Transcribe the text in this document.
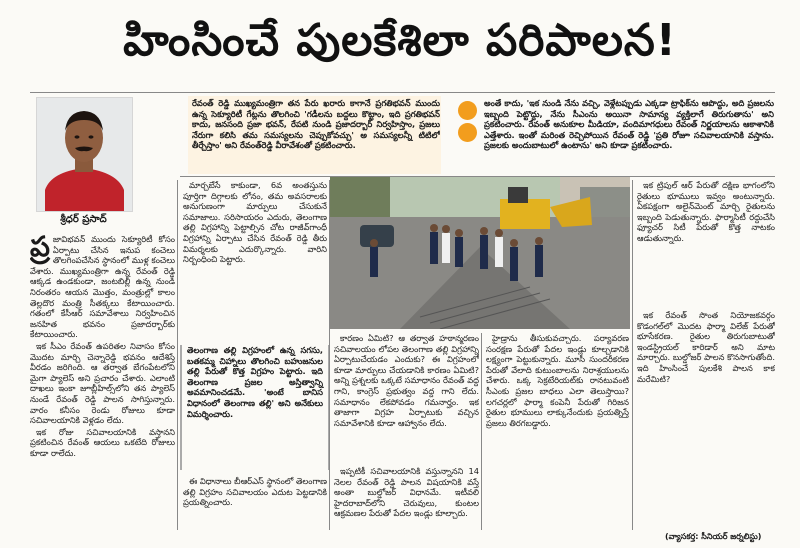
హింసించే పులకేశిలా పరిపాలన!
శ్రీధర్ ప్రసాద్

రేవంత్ రెడ్డి ముఖ్యమంత్రిగా తన పేరు ఖరారు కాగానే ప్రగతిభవన్ ముందు ఉన్న సెక్యూరిటీ గేట్లను తొలగించి 'గడీలను బద్దలు కొట్టాం, ఇది ప్రగతిభవన్ కాదు, జనసంది ప్రజా భవన్, రేపటి నుండి ప్రజాదర్బార్ నిర్వహిస్తాం, ప్రజలు నేరుగా కలిసి తమ సమస్యలను చెప్పుకోవచ్చు' అ సమస్యలన్నీ టిటిలో తీర్చేస్తాం' అని రేవంత్‌రెడ్డి వీరావేశంతో ప్రకటించారు.

అంతే కాదు, 'ఇక నుండి నేను వచ్చి, వెళ్లేటప్పుడు ఎక్కడా ట్రాఫిక్‌ను ఆపొద్దు, అది ప్రజలను ఇబ్బంది పెట్టొద్దు, నేను సీఎంను అయినా సామాన్య వ్యక్తిలాగే తిరుగుతాను' అని ప్రకటించారు. రేవంత్ అనుకూల మీడియా, వందిమాగధులు రేవంత్ నిర్ణయాలను ఆకాశానికి ఎత్తేశారు. ఇంతో మరింత రెచ్చిపోయిన రేవంత్ రెడ్డి 'ప్రతి రోజూ సచివాలయానికి వస్తాను. ప్రజలకు అందుబాటులో ఉంటాను' అని కూడా ప్రకటించారు.

ప్ర జావిభవన్ ముందు సెక్యూరిటీ కోసం ఏర్పాటు చేసిన ఇనుప కంచెలు తొలగింపచేసిన స్థానంలో ముళ్ల కంచెలు వేశారు. ముఖ్యమంత్రిగా ఉన్న రేవంత్ రెడ్డి ఆక్కడ ఉండకుండా, జంటబిల్లీ ఉన్న నుండి నిరంతరం ఆయన మొత్తం, మంత్రుల్లో కాలం తెల్లదొర మంత్రి సీతక్కలు కేటాయించారు. గతంలో కేసీఆర్ సమావేశాలు నిర్వహించిన జనహిత భవనం ప్రజాదర్బార్‌కు కేటాయించారు.

ఇక సీఎం రేవంత్ ఉపరితల నివాసం కోసం మొదట మార్చి చెన్నారెడ్డి భవనం ఆదేశిస్తే వీరడం జరిగింది. ఆ తర్వాత బేగంపేటలోని మైగా ప్యాలెస్ అని ప్రచారం చేశారు. ఎలాంటి దాఖలు ఇంకా జూబ్లీహిల్స్‌లోని తన ప్యాలెస్ నుండే రేవంత్ రెడ్డి పాలన సాగిస్తున్నారు. వారం కనీసం రెండు రోజులు కూడా సచివాలయానికి వెళ్లడం లేదు.

ఇక రోజు సచివాలయానికి వస్తానని ప్రకటించిన రేవంత్ ఆయలు ఒకటేది రోజులు కూడా రాలేదు.

మార్చబేసే కాకుండా, 6వ అంతస్తును పూర్తిగా దిగ్గాలకు లోనం, తమ అవసరాలకు అనుగుణంగా మార్పులు చేసుకునే సమాజాలు. సరిసాయరం ఎదురు, తెలంగాణ తల్లి విగ్రహాన్ని పెట్టాల్సిన చోట రాజీవ్‌గాంధీ విగ్రహాన్ని ఏర్పాటు చేసిన రేవంత్ రెడ్డి తీరు విమర్శలకు ఎదుర్కొన్నారు. వారిని నిర్బంధించి పెట్టారు.

తెలంగాణ తల్లి విగ్రహంలో ఉన్న సగసు, బతకమ్మ చిహ్నాలు తొలగించి బహుజనుల తల్లి పేరుతో కొత్త విగ్రహం పెట్టారు. ఇది తెలంగాణ ప్రజల అస్తిత్వాన్ని అవమానించడమే. 'అంటే బానిస విధానంలో తెలంగాణ తల్లి' అని అనేకులు విమర్శించారు.

ఈ విధానాలు బీఆర్‌ఎస్ స్థానంలో తెలంగాణ తల్లి విగ్రహం సచివాలయం ఎదుట పెట్టడానికి ప్రయత్నించారు.

కారణం ఏమిటి? ఆ తర్వాత హఠాన్మరణం సచివాలయం లోపల తెలంగాణ తల్లి విగ్రహాన్ని ఏర్పాటుచేయడం ఎందుకు? ఈ విగ్రహంలో కూడా మార్పులు చేయడానికి కారణం ఏమిటి? అన్ని ప్రశ్నలకు ఒక్కటే సమాధానం రేవంత్ వద్ద గాని, కాంగ్రెస్ ప్రభుత్వం వద్ద గాని లేదు. సమాధానం లేకపోవడం గమనార్హం. ఇక తాజాగా విగ్రహ ఏర్పాటుకు వచ్చిన సమావేశానికి కూడా ఆహ్వానం లేదు.

ఇప్పటికీ సచివాలయానికి వస్తున్నానని 14 నెలల రేవంత్ రెడ్డి పాలన విషయానికి వస్తే అంతా బుల్డోజర్ విధానమే. ఇటీవలి హైదరాబాద్‌లోని చెరువులు, కుంటల ఆక్రమణల పేరుతో పేదల ఇండ్లు కూల్చారు.

హైడ్రాను తీసుకువచ్చారు. పర్యావరణ సంరక్షణ పేరుతో పేదల ఇండ్లు కూల్చడానికి లక్ష్యంగా పెట్టుకున్నారు. మూసీ సుందరీకరణ పేరుతో వేలాది కుటుంబాలను నిరాశ్రయులను చేశారు. ఒక్క సెక్రటేరియట్‌కు రానటువంటి సీఎంకు ప్రజల బాధలు ఎలా తెలుస్తాయి? లగచర్లలో ఫార్మా కంపెనీ పేరుతో గిరిజన రైతుల భూములు లాక్కునేందుకు ప్రయత్నిస్తే ప్రజలు తిరగబడ్డారు.

ఇక ట్రిపుల్ ఆర్ పేరుతో దక్షిణ భాగంలోని రైతులు భూములు ఇవ్వం అంటున్నారు. ఏకపక్షంగా అలైన్‌మెంట్ మార్చి రైతులను ఇబ్బంది పెడుతున్నారు. ఫార్మాసిటీ రద్దుచేసి ఫ్యూచర్ సిటీ పేరుతో కొత్త నాటకం ఆడుతున్నారు.

ఇక రేవంత్ సొంత నియోజకవర్గం కొడంగల్‌లో మొదట ఫార్మా విలేజ్ పేరుతో భూసేకరణ. రైతుల తిరుగుబాటుతో ఇండస్ట్రియల్ కారిడార్ అని మాట మార్చారు. బుల్డోజర్ పాలన కొనసాగుతోంది. ఇది హింసించే పులకేశి పాలన కాక మరేమిటి?

(వ్యాసకర్త: సీనియర్ జర్నలిస్టు)
